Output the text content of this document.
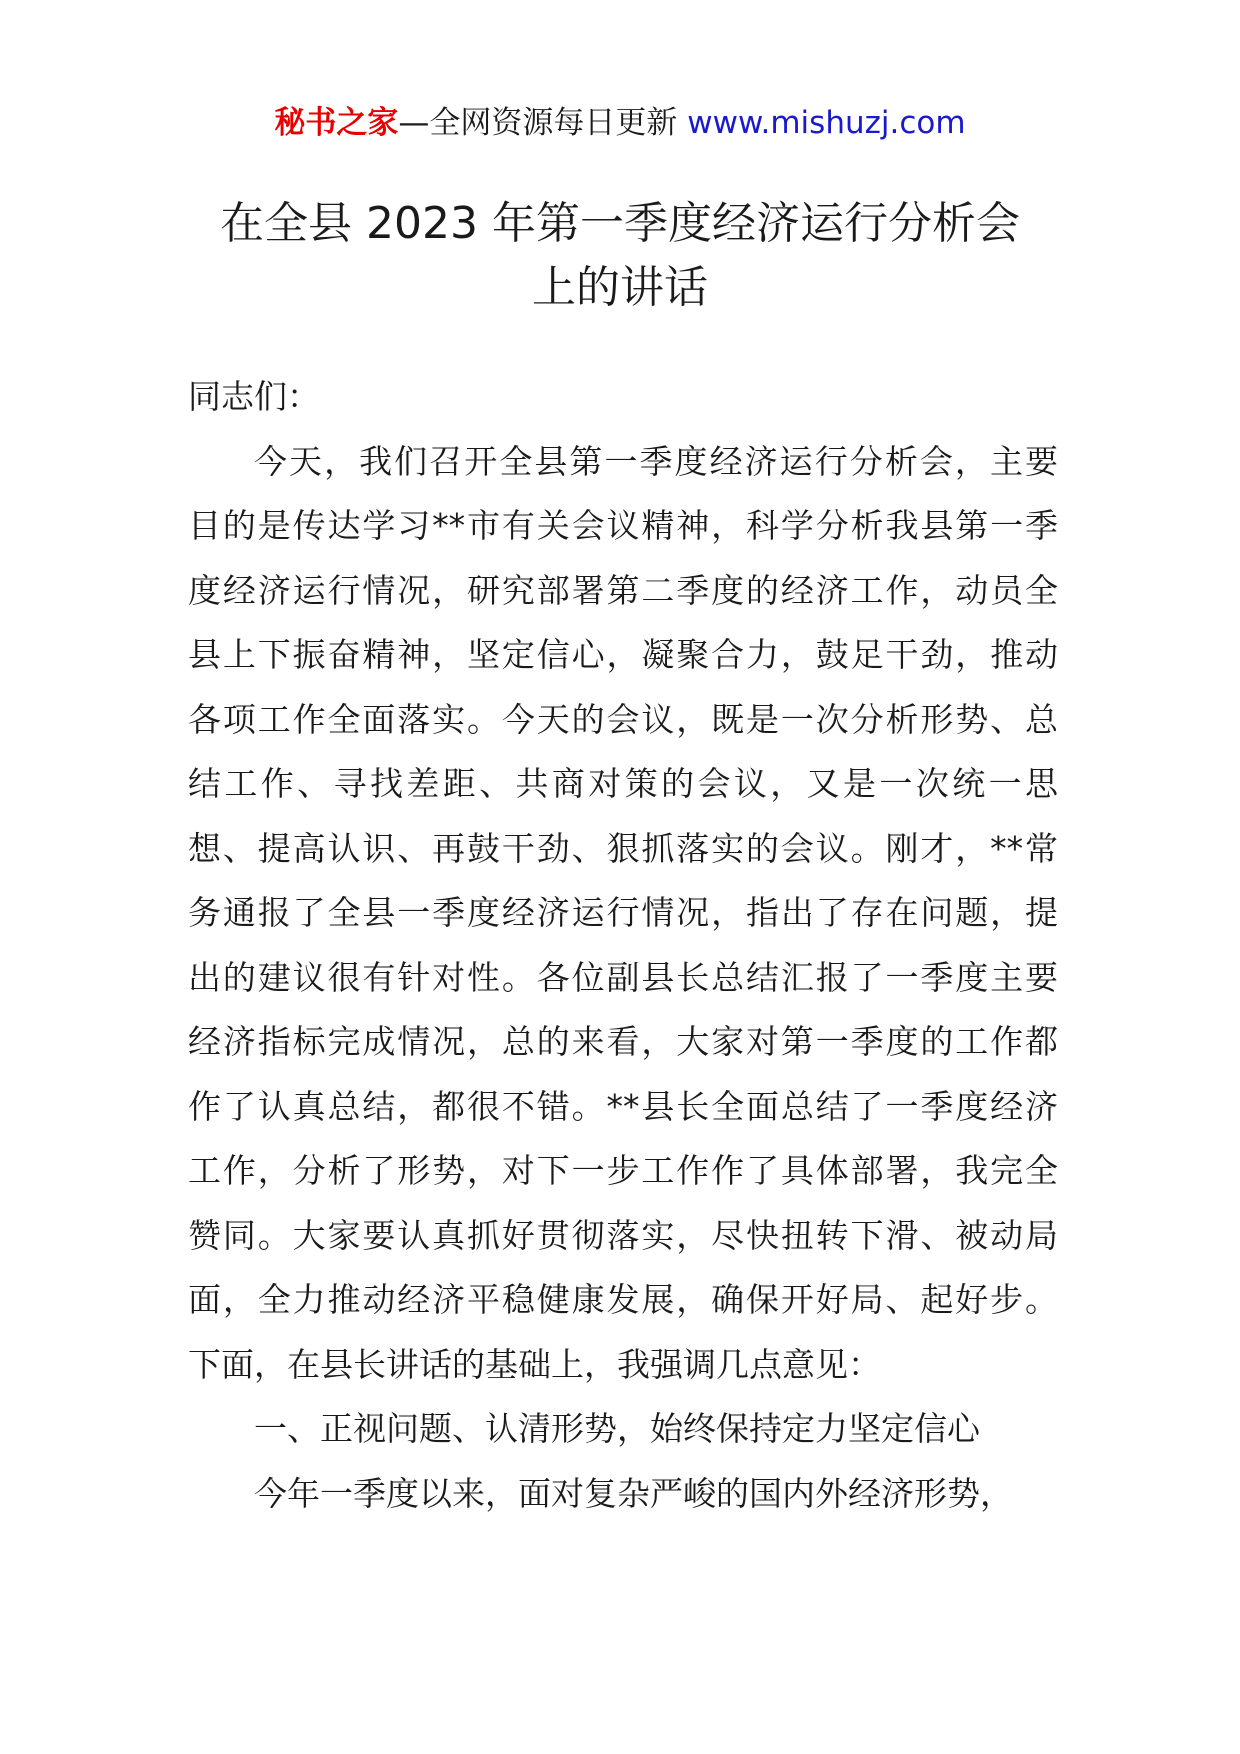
秘书之家—全网资源每日更新 www.mishuzj.com
在全县 2023 年第一季度经济运行分析会
上的讲话
同志们：
今天，我们召开全县第一季度经济运行分析会，主要
目的是传达学习**市有关会议精神，科学分析我县第一季
度经济运行情况，研究部署第二季度的经济工作，动员全
县上下振奋精神，坚定信心，凝聚合力，鼓足干劲，推动
各项工作全面落实。今天的会议，既是一次分析形势、总
结工作、寻找差距、共商对策的会议，又是一次统一思
想、提高认识、再鼓干劲、狠抓落实的会议。刚才，**常
务通报了全县一季度经济运行情况，指出了存在问题，提
出的建议很有针对性。各位副县长总结汇报了一季度主要
经济指标完成情况，总的来看，大家对第一季度的工作都
作了认真总结，都很不错。**县长全面总结了一季度经济
工作，分析了形势，对下一步工作作了具体部署，我完全
赞同。大家要认真抓好贯彻落实，尽快扭转下滑、被动局
面，全力推动经济平稳健康发展，确保开好局、起好步。
下面，在县长讲话的基础上，我强调几点意见：
一、正视问题、认清形势，始终保持定力坚定信心
今年一季度以来，面对复杂严峻的国内外经济形势，
